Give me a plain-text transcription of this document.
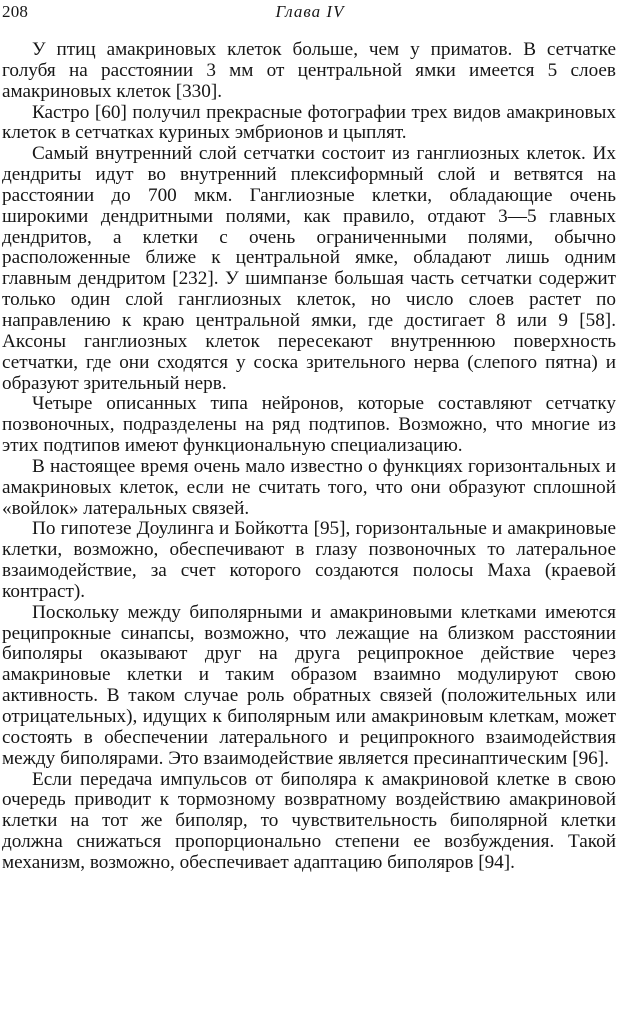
208	Глава IV

У птиц амакриновых клеток больше, чем у приматов. В сетчатке голубя на расстоянии 3 мм от центральной ямки имеется 5 слоев амакриновых клеток [330].

Кастро [60] получил прекрасные фотографии трех видов амакриновых клеток в сетчатках куриных эмбрионов и цыплят.

Самый внутренний слой сетчатки состоит из ганглиозных клеток. Их дендриты идут во внутренний плексиформный слой и ветвятся на расстоянии до 700 мкм. Ганглиозные клетки, обладающие очень широкими дендритными полями, как правило, отдают 3—5 главных дендритов, а клетки с очень ограниченными полями, обычно расположенные ближе к центральной ямке, обладают лишь одним главным дендритом [232]. У шимпанзе большая часть сетчатки содержит только один слой ганглиозных клеток, но число слоев растет по направлению к краю центральной ямки, где достигает 8 или 9 [58]. Аксоны ганглиозных клеток пересекают внутреннюю поверхность сетчатки, где они сходятся у соска зрительного нерва (слепого пятна) и образуют зрительный нерв.

Четыре описанных типа нейронов, которые составляют сетчатку позвоночных, подразделены на ряд подтипов. Возможно, что многие из этих подтипов имеют функциональную специализацию.

В настоящее время очень мало известно о функциях горизонтальных и амакриновых клеток, если не считать того, что они образуют сплошной «войлок» латеральных связей.

По гипотезе Доулинга и Бойкотта [95], горизонтальные и амакриновые клетки, возможно, обеспечивают в глазу позвоночных то латеральное взаимодействие, за счет которого создаются полосы Маха (краевой контраст).

Поскольку между биполярными и амакриновыми клетками имеются реципрокные синапсы, возможно, что лежащие на близком расстоянии биполяры оказывают друг на друга реципрокное действие через амакриновые клетки и таким образом взаимно модулируют свою активность. В таком случае роль обратных связей (положительных или отрицательных), идущих к биполярным или амакриновым клеткам, может состоять в обеспечении латерального и реципрокного взаимодействия между биполярами. Это взаимодействие является пресинаптическим [96].

Если передача импульсов от биполяра к амакриновой клетке в свою очередь приводит к тормозному возвратному воздействию амакриновой клетки на тот же биполяр, то чувствительность биполярной клетки должна снижаться пропорционально степени ее возбуждения. Такой механизм, возможно, обеспечивает адаптацию биполяров [94].
